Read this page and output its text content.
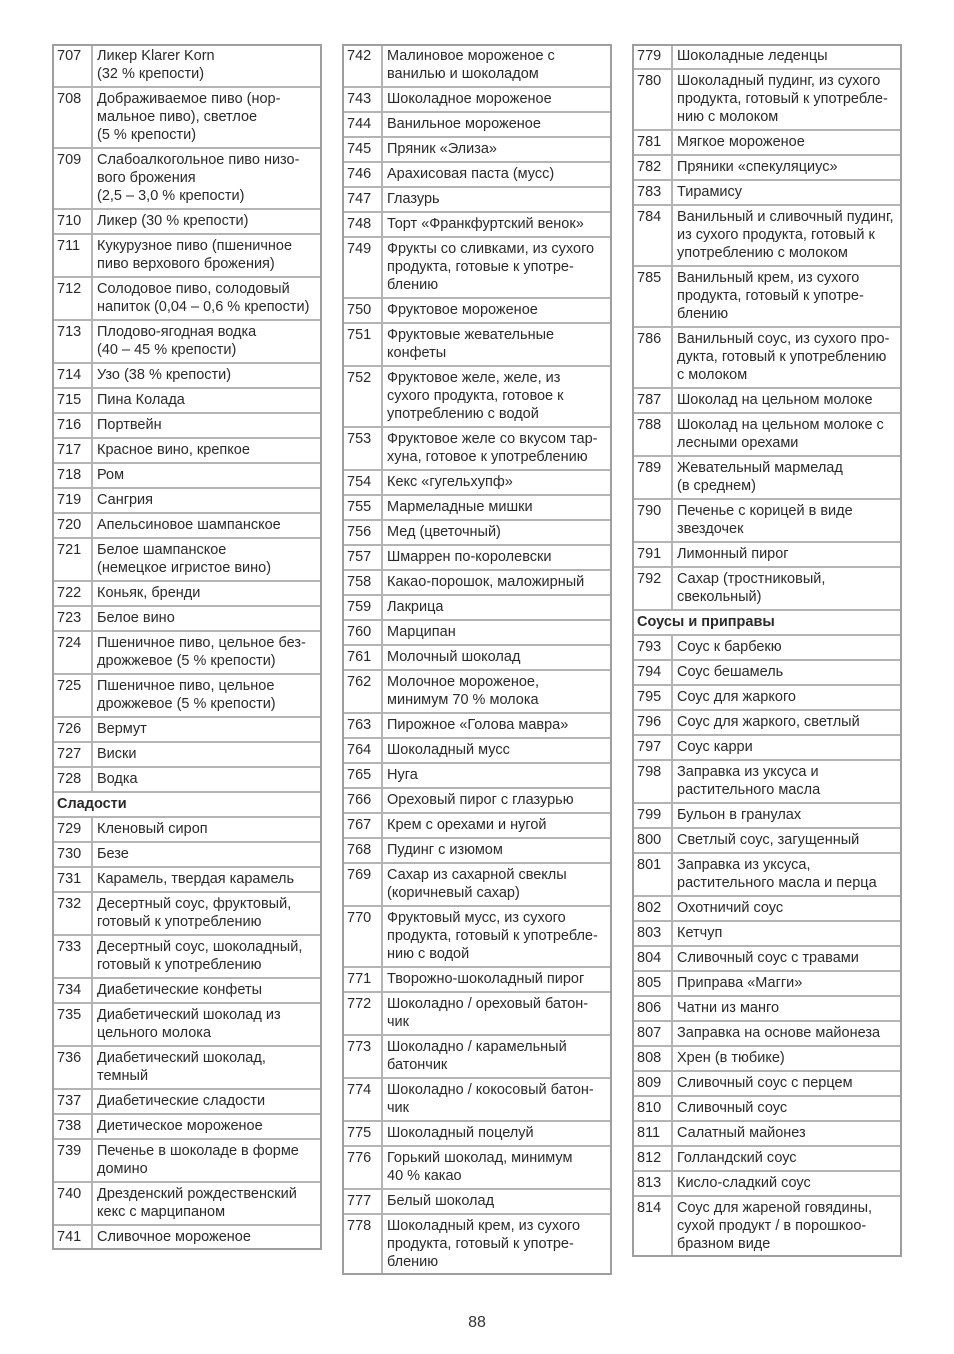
707	Ликер Klarer Korn
(32 % крепости)
708	Дображиваемое пиво (нор-
мальное пиво), светлое
(5 % крепости)
709	Слабоалкогольное пиво низо-
вого брожения
(2,5 – 3,0 % крепости)
710	Ликер (30 % крепости)
711	Кукурузное пиво (пшеничное
пиво верхового брожения)
712	Солодовое пиво, солодовый
напиток (0,04 – 0,6 % крепости)
713	Плодово-ягодная водка
(40 – 45 % крепости)
714	Узо (38 % крепости)
715	Пина Колада
716	Портвейн
717	Красное вино, крепкое
718	Ром
719	Сангрия
720	Апельсиновое шампанское
721	Белое шампанское
(немецкое игристое вино)
722	Коньяк, бренди
723	Белое вино
724	Пшеничное пиво, цельное без-
дрожжевое (5 % крепости)
725	Пшеничное пиво, цельное
дрожжевое (5 % крепости)
726	Вермут
727	Виски
728	Водка
Сладости	
729	Кленовый сироп
730	Безе
731	Карамель, твердая карамель
732	Десертный соус, фруктовый,
готовый к употреблению
733	Десертный соус, шоколадный,
готовый к употреблению
734	Диабетические конфеты
735	Диабетический шоколад из
цельного молока
736	Диабетический шоколад,
темный
737	Диабетические сладости
738	Диетическое мороженое
739	Печенье в шоколаде в форме
домино
740	Дрезденский рождественский
кекс с марципаном
741	Сливочное мороженое
742	Малиновое мороженое с
ванилью и шоколадом
743	Шоколадное мороженое
744	Ванильное мороженое
745	Пряник «Элиза»
746	Арахисовая паста (мусс)
747	Глазурь
748	Торт «Франкфуртский венок»
749	Фрукты со сливками, из сухого
продукта, готовые к употре-
блению
750	Фруктовое мороженое
751	Фруктовые жевательные
конфеты
752	Фруктовое желе, желе, из
сухого продукта, готовое к
употреблению с водой
753	Фруктовое желе со вкусом тар-
хуна, готовое к употреблению
754	Кекс «гугельхупф»
755	Мармеладные мишки
756	Мед (цветочный)
757	Шмаррен по-королевски
758	Какао-порошок, маложирный
759	Лакрица
760	Марципан
761	Молочный шоколад
762	Молочное мороженое,
минимум 70 % молока
763	Пирожное «Голова мавра»
764	Шоколадный мусс
765	Нуга
766	Ореховый пирог с глазурью
767	Крем с орехами и нугой
768	Пудинг с изюмом
769	Сахар из сахарной свеклы
(коричневый сахар)
770	Фруктовый мусс, из сухого
продукта, готовый к употребле-
нию с водой
771	Творожно-шоколадный пирог
772	Шоколадно / ореховый батон-
чик
773	Шоколадно / карамельный
батончик
774	Шоколадно / кокосовый батон-
чик
775	Шоколадный поцелуй
776	Горький шоколад, минимум
40 % какао
777	Белый шоколад
778	Шоколадный крем, из сухого
продукта, готовый к употре-
блению
779	Шоколадные леденцы
780	Шоколадный пудинг, из сухого
продукта, готовый к употребле-
нию с молоком
781	Мягкое мороженое
782	Пряники «спекуляциус»
783	Тирамису
784	Ванильный и сливочный пудинг,
из сухого продукта, готовый к
употреблению с молоком
785	Ванильный крем, из сухого
продукта, готовый к употре-
блению
786	Ванильный соус, из сухого про-
дукта, готовый к употреблению
с молоком
787	Шоколад на цельном молоке
788	Шоколад на цельном молоке с
лесными орехами
789	Жевательный мармелад
(в среднем)
790	Печенье с корицей в виде
звездочек
791	Лимонный пирог
792	Сахар (тростниковый,
свекольный)
Соусы и приправы	
793	Соус к барбекю
794	Соус бешамель
795	Соус для жаркого
796	Соус для жаркого, светлый
797	Соус карри
798	Заправка из уксуса и
растительного масла
799	Бульон в гранулах
800	Светлый соус, загущенный
801	Заправка из уксуса,
растительного масла и перца
802	Охотничий соус
803	Кетчуп
804	Сливочный соус с травами
805	Приправа «Магги»
806	Чатни из манго
807	Заправка на основе майонеза
808	Хрен (в тюбике)
809	Сливочный соус с перцем
810	Сливочный соус
811	Салатный майонез
812	Голландский соус
813	Кисло-сладкий соус
814	Соус для жареной говядины,
сухой продукт / в порошкоо-
бразном виде
88
